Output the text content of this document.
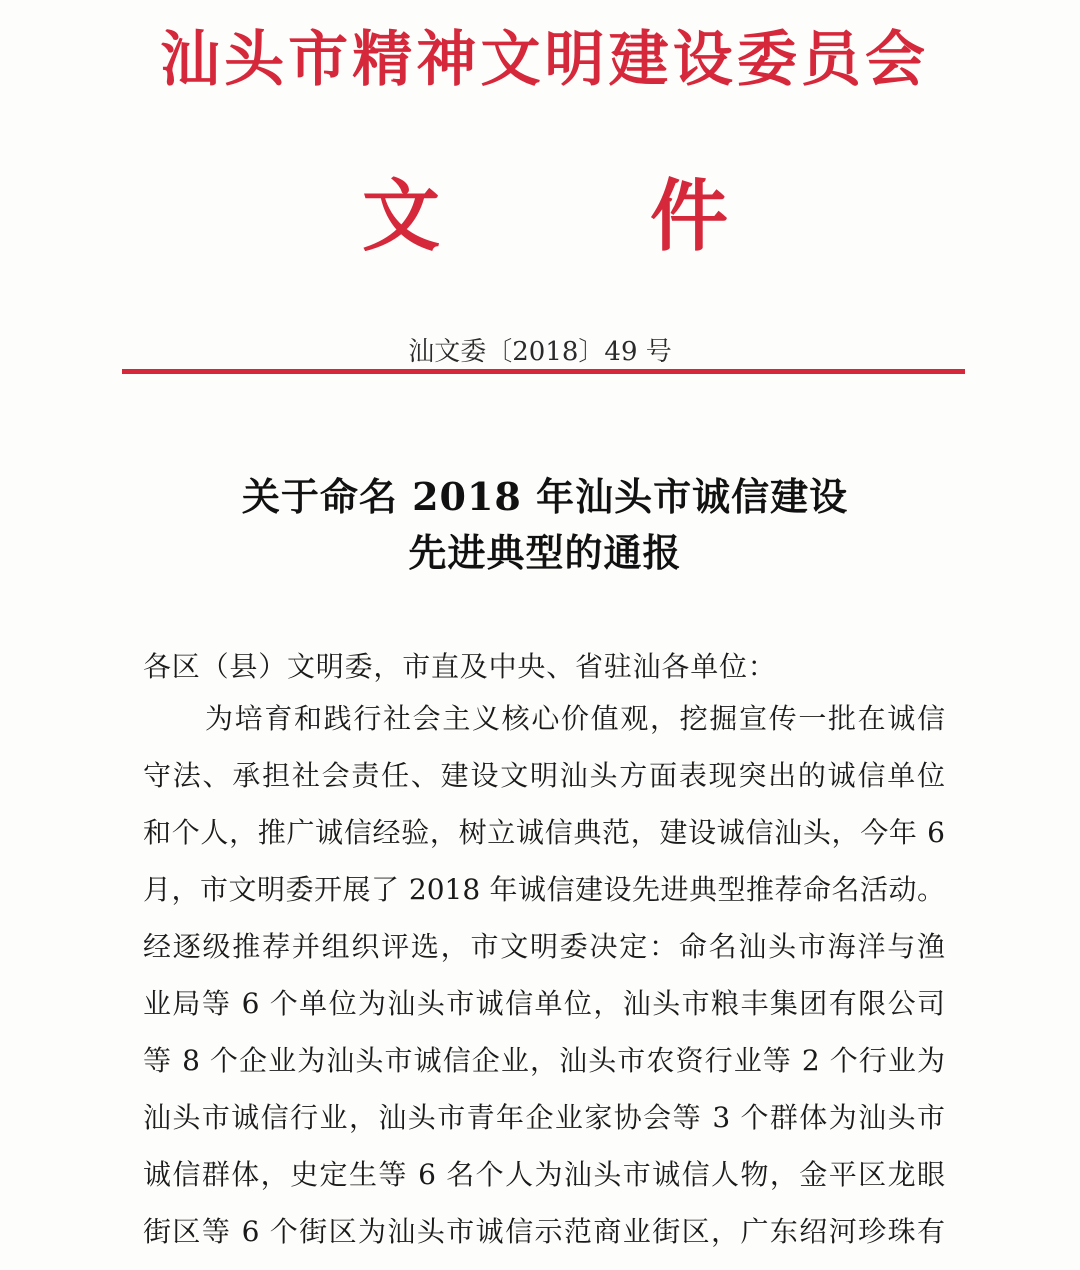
汕头市精神文明建设委员会
文件
汕文委〔2018〕49 号
关于命名 2018 年汕头市诚信建设
先进典型的通报
各区（县）文明委，市直及中央、省驻汕各单位：
为培育和践行社会主义核心价值观，挖掘宣传一批在诚信
守法、承担社会责任、建设文明汕头方面表现突出的诚信单位
和个人，推广诚信经验，树立诚信典范，建设诚信汕头，今年 6
月，市文明委开展了 2018 年诚信建设先进典型推荐命名活动。
经逐级推荐并组织评选，市文明委决定：命名汕头市海洋与渔
业局等 6 个单位为汕头市诚信单位，汕头市粮丰集团有限公司
等 8 个企业为汕头市诚信企业，汕头市农资行业等 2 个行业为
汕头市诚信行业，汕头市青年企业家协会等 3 个群体为汕头市
诚信群体，史定生等 6 名个人为汕头市诚信人物，金平区龙眼
街区等 6 个街区为汕头市诚信示范商业街区，广东绍河珍珠有
